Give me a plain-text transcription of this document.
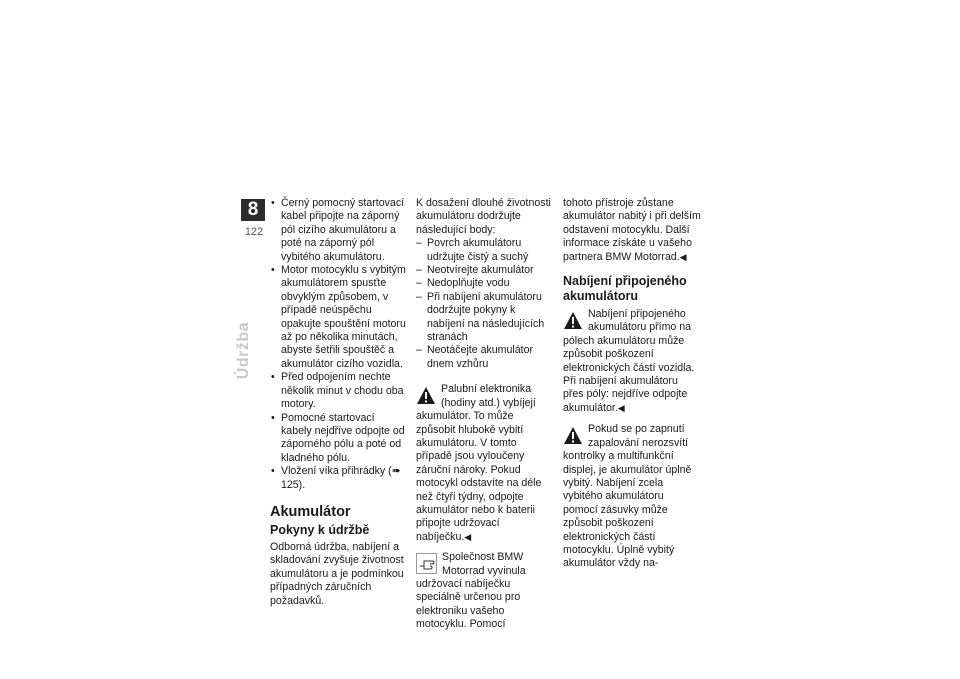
8
122
Údržba
• Černý pomocný startovací kabel připojte na záporný pól cizího akumulátoru a poté na záporný pól vybitého akumulátoru.
• Motor motocyklu s vybitým akumulátorem spusťte obvyklým způsobem, v případě neúspěchu opakujte spouštění motoru až po několika minutách, abyste šetřili spouštěč a akumulátor cizího vozidla.
• Před odpojením nechte několik minut v chodu oba motory.
• Pomocné startovací kabely nejdříve odpojte od záporného pólu a poté od kladného pólu.
• Vložení víka přihrádky (➠ 125).
Akumulátor
Pokyny k údržbě

Odborná údržba, nabíjení a skladování zvyšuje životnost akumulátoru a je podmínkou případných záručních požadavků.

K dosažení dlouhé životnosti akumulátoru dodržujte následující body:

– Povrch akumulátoru udržujte čistý a suchý
– Neotvírejte akumulátor
– Nedoplňujte vodu
– Při nabíjení akumulátoru dodržujte pokyny k nabíjení na následujících stranách
– Neotáčejte akumulátor dnem vzhůru
Palubní elektronika (hodiny atd.) vybíjejí akumulátor. To může způsobit hlubokě vybití akumulátoru. V tomto případě jsou vyloučeny záruční nároky. Pokud motocykl odstavíte na déle než čtyři týdny, odpojte akumulátor nebo k baterii připojte udržovací nabíječku.◀
Společnost BMW Motorrad vyvinula udržovací nabíječku speciálně určenou pro elektroniku vašeho motocyklu. Pomocí

tohoto přístroje zůstane akumulátor nabitý i při delším odstavení motocyklu. Další informace získáte u vašeho partnera BMW Motorrad.◀

Nabíjení připojeného akumulátoru
Nabíjení připojeného akumulátoru přímo na pólech akumulátoru může způsobit poškození elektronických částí vozidla.

Při nabíjení akumulátoru

přes póly: nejdříve odpojte akumulátor.◀

Pokud se po zapnutí zapalování nerozsvítí kontrolky a multifunkční displej, je akumulátor úplně vybitý. Nabíjení zcela vybitého akumulátoru pomocí zásuvky může způsobit poškození elektronických částí motocyklu. Úplně vybitý akumulátor vždy na-
